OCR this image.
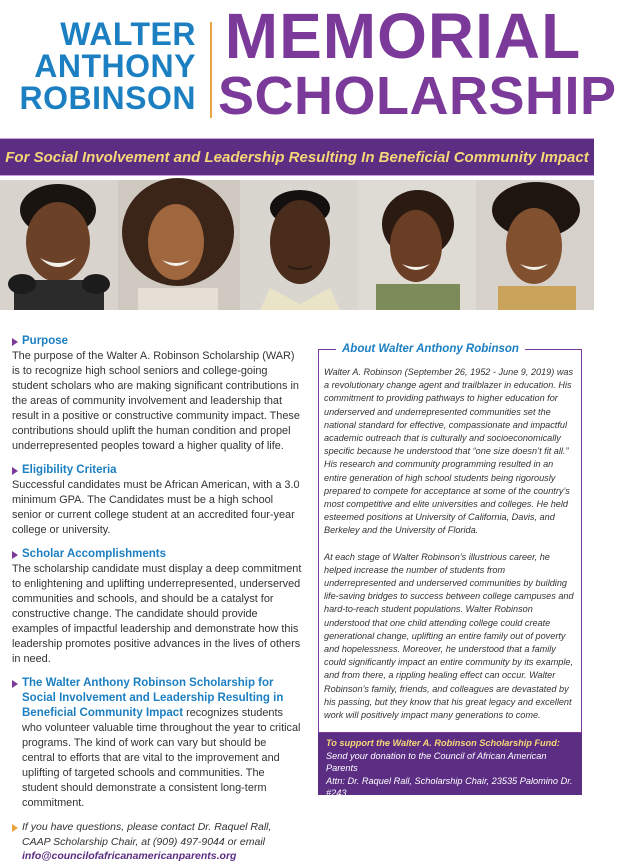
WALTER
ANTHONY
ROBINSON
MEMORIAL
SCHOLARSHIP
For Social Involvement and Leadership Resulting In Beneficial Community Impact
Purpose
The purpose of the Walter A. Robinson Scholarship (WAR) is to recognize high school seniors and college-going student scholars who are making significant contributions in the areas of community involvement and leadership that result in a positive or constructive community impact. These contributions should uplift the human condition and propel underrepresented peoples toward a higher quality of life.
Eligibility Criteria
Successful candidates must be African American, with a 3.0 minimum GPA. The Candidates must be a high school senior or current college student at an accredited four-year college or university.
Scholar Accomplishments
The scholarship candidate must display a deep commitment to enlightening and uplifting underrepresented, underserved communities and schools, and should be a catalyst for constructive change. The candidate should provide examples of impactful leadership and demonstrate how this leadership promotes positive advances in the lives of others in need.
The Walter Anthony Robinson Scholarship for Social Involvement and Leadership Resulting in Beneficial Community Impact recognizes students who volunteer valuable time throughout the year to critical programs. The kind of work can vary but should be central to efforts that are vital to the improvement and uplifting of targeted schools and communities. The student should demonstrate a consistent long-term commitment.
If you have questions, please contact Dr. Raquel Rall, CAAP Scholarship Chair, at (909) 497-9044 or email info@councilofafricanamericanparents.org
About Walter Anthony Robinson

Walter A. Robinson (September 26, 1952 - June 9, 2019) was a revolutionary change agent and trailblazer in education. His commitment to providing pathways to higher education for underserved and underrepresented communities set the national standard for effective, compassionate and impactful academic outreach that is culturally and socioeconomically specific because he understood that “one size doesn’t fit all.” His research and community programming resulted in an entire generation of high school students being rigorously prepared to compete for acceptance at some of the country’s most competitive and elite universities and colleges. He held esteemed positions at University of California, Davis, and Berkeley and the University of Florida.

At each stage of Walter Robinson’s illustrious career, he helped increase the number of students from underrepresented and underserved communities by building life-saving bridges to success between college campuses and hard-to-reach student populations. Walter Robinson understood that one child attending college could create generational change, uplifting an entire family out of poverty and hopelessness. Moreover, he understood that a family could significantly impact an entire community by its example, and from there, a rippling healing effect can occur. Walter Robinson’s family, friends, and colleagues are devastated by his passing, but they know that his great legacy and excellent work will positively impact many generations to come.

To support the Walter A. Robinson Scholarship Fund:
Send your donation to the Council of African American Parents
Attn: Dr. Raquel Rall, Scholarship Chair, 23535 Palomino Dr. #243,
Diamond Bar, CA 91765 • Tax ID # 95 4453930
